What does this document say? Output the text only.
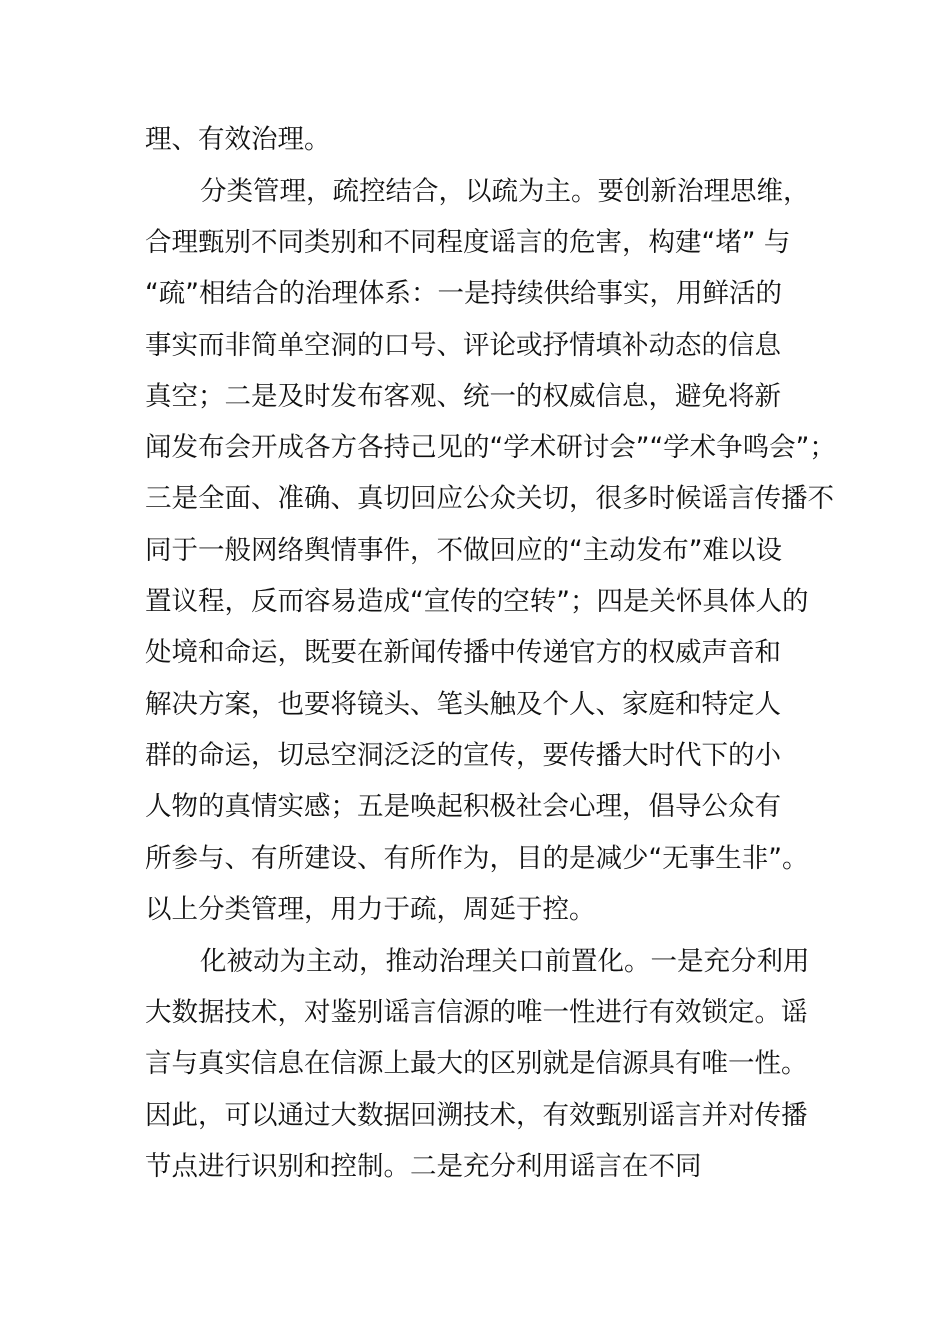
理、有效治理。
分类管理，疏控结合，以疏为主。要创新治理思维，
合理甄别不同类别和不同程度谣言的危害，构建“堵” 与
“疏”相结合的治理体系：一是持续供给事实，用鲜活的
事实而非简单空洞的口号、评论或抒情填补动态的信息
真空；二是及时发布客观、统一的权威信息，避免将新
闻发布会开成各方各持己见的“学术研讨会”“学术争鸣会”；
三是全面、准确、真切回应公众关切，很多时候谣言传播不
同于一般网络舆情事件，不做回应的“主动发布”难以设
置议程，反而容易造成“宣传的空转”；四是关怀具体人的
处境和命运，既要在新闻传播中传递官方的权威声音和
解决方案，也要将镜头、笔头触及个人、家庭和特定人
群的命运，切忌空洞泛泛的宣传，要传播大时代下的小
人物的真情实感；五是唤起积极社会心理，倡导公众有
所参与、有所建设、有所作为，目的是减少“无事生非”。
以上分类管理，用力于疏，周延于控。
化被动为主动，推动治理关口前置化。一是充分利用
大数据技术，对鉴别谣言信源的唯一性进行有效锁定。谣
言与真实信息在信源上最大的区别就是信源具有唯一性。
因此，可以通过大数据回溯技术，有效甄别谣言并对传播
节点进行识别和控制。二是充分利用谣言在不同
